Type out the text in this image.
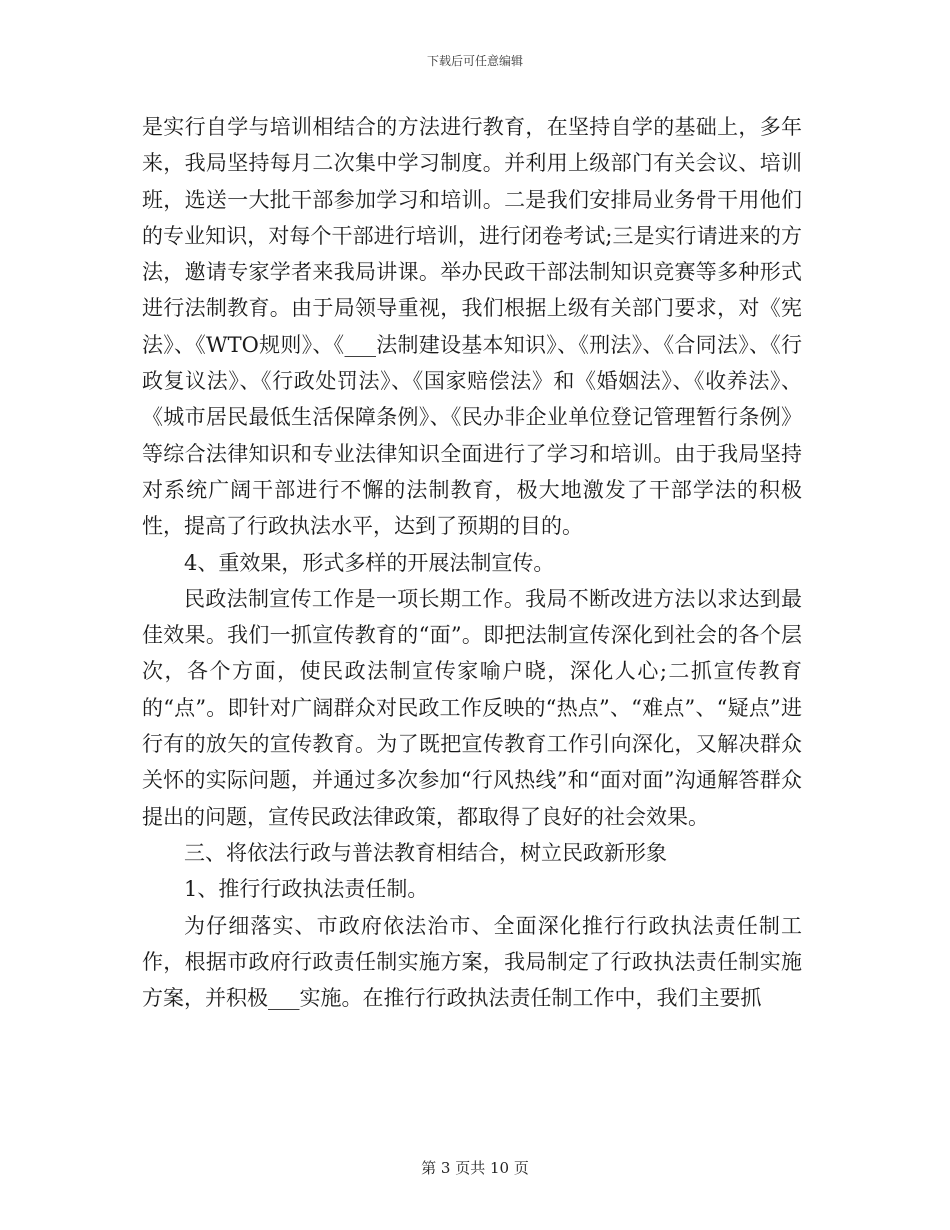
下载后可任意编辑

是实行自学与培训相结合的方法进行教育，在坚持自学的基础上，多年来，我局坚持每月二次集中学习制度。并利用上级部门有关会议、培训班，选送一大批干部参加学习和培训。二是我们安排局业务骨干用他们的专业知识，对每个干部进行培训，进行闭卷考试;三是实行请进来的方法，邀请专家学者来我局讲课。举办民政干部法制知识竞赛等多种形式进行法制教育。由于局领导重视，我们根据上级有关部门要求，对《宪法》、《WTO规则》、《___法制建设基本知识》、《刑法》、《合同法》、《行政复议法》、《行政处罚法》、《国家赔偿法》和《婚姻法》、《收养法》、《城市居民最低生活保障条例》、《民办非企业单位登记管理暂行条例》等综合法律知识和专业法律知识全面进行了学习和培训。由于我局坚持对系统广阔干部进行不懈的法制教育，极大地激发了干部学法的积极性，提高了行政执法水平，达到了预期的目的。

4、重效果，形式多样的开展法制宣传。

民政法制宣传工作是一项长期工作。我局不断改进方法以求达到最佳效果。我们一抓宣传教育的“面”。即把法制宣传深化到社会的各个层次，各个方面，使民政法制宣传家喻户晓，深化人心;二抓宣传教育的“点”。即针对广阔群众对民政工作反映的“热点”、“难点”、“疑点”进行有的放矢的宣传教育。为了既把宣传教育工作引向深化，又解决群众关怀的实际问题，并通过多次参加“行风热线”和“面对面”沟通解答群众提出的问题，宣传民政法律政策，都取得了良好的社会效果。

三、将依法行政与普法教育相结合，树立民政新形象

1、推行行政执法责任制。

为仔细落实、市政府依法治市、全面深化推行行政执法责任制工作，根据市政府行政责任制实施方案，我局制定了行政执法责任制实施方案，并积极___实施。在推行行政执法责任制工作中，我们主要抓

第 3 页共 10 页
